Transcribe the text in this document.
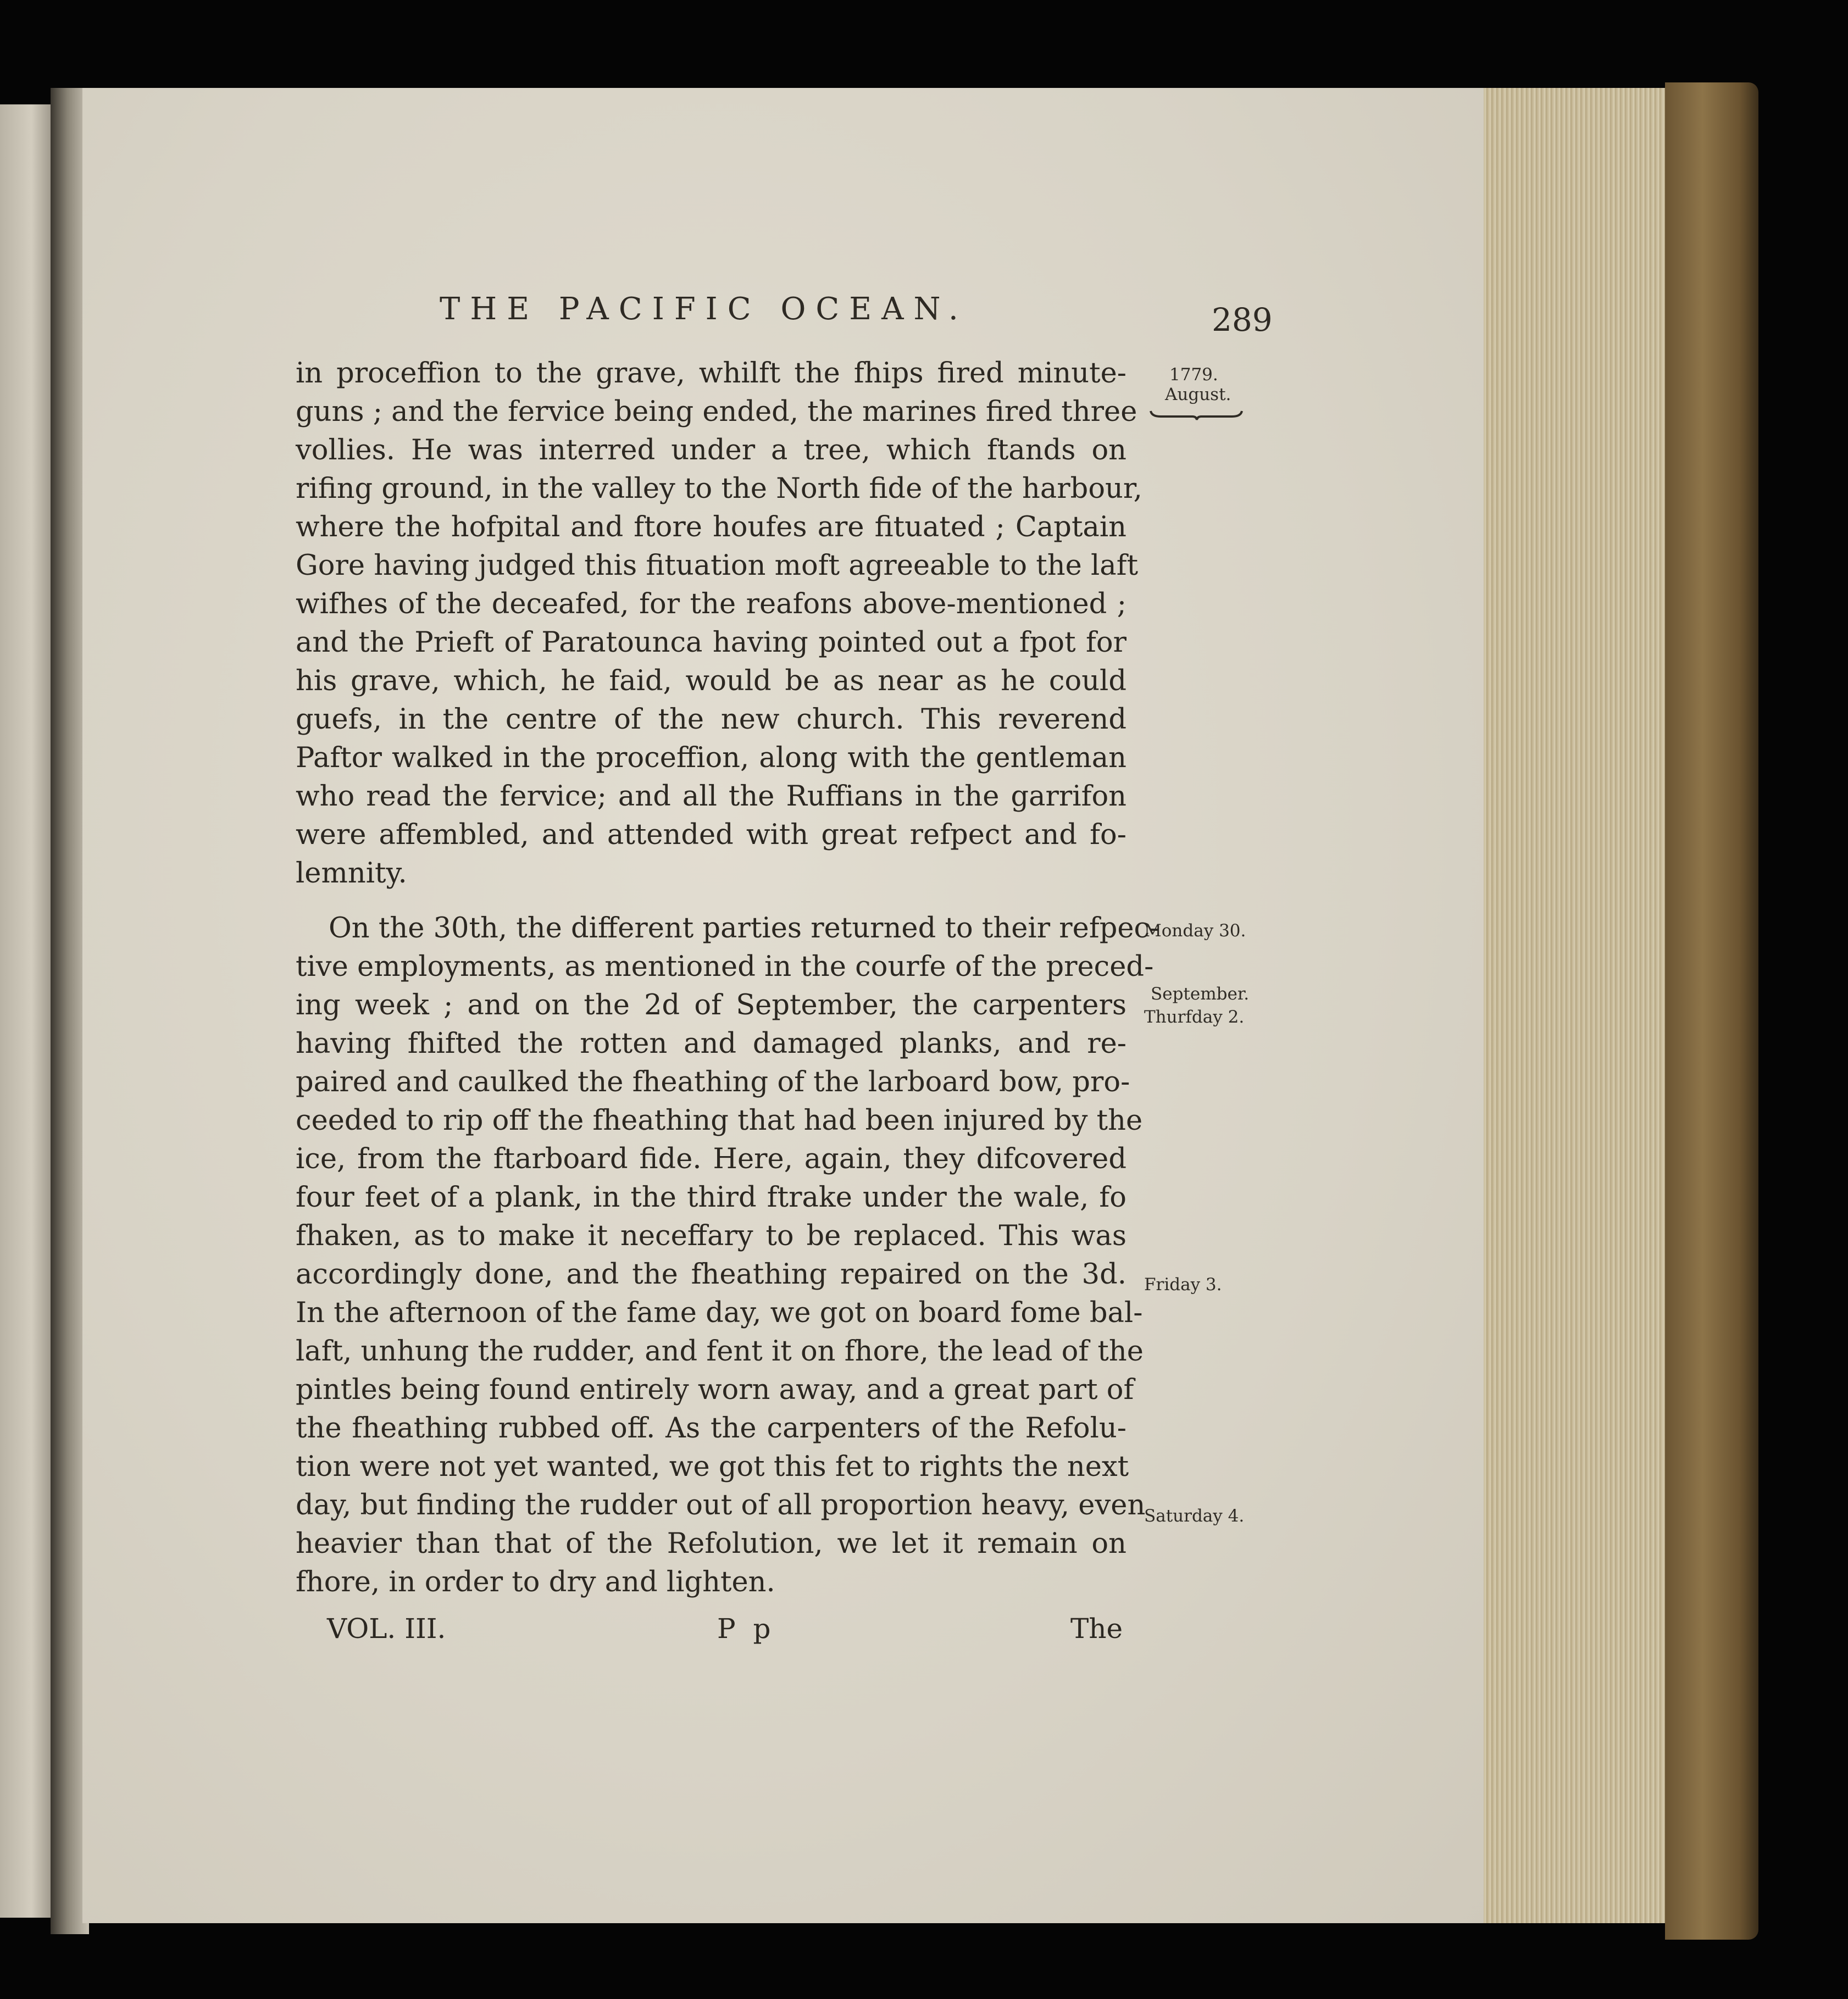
THE PACIFIC OCEAN.	289
1779.
August.
Monday 30.
September.
Thurfday 2.
Friday 3.
Saturday 4.
in proceffion to the grave, whilft the fhips fired minute-
guns ; and the fervice being ended, the marines fired three
vollies. He was interred under a tree, which ftands on
rifing ground, in the valley to the North fide of the harbour,
where the hofpital and ftore houfes are fituated ; Captain
Gore having judged this fituation moft agreeable to the laft
wifhes of the deceafed, for the reafons above-mentioned ;
and the Prieft of Paratounca having pointed out a fpot for
his grave, which, he faid, would be as near as he could
guefs, in the centre of the new church. This reverend
Paftor walked in the proceffion, along with the gentleman
who read the fervice; and all the Ruffians in the garrifon
were affembled, and attended with great refpect and fo-
lemnity.
On the 30th, the different parties returned to their refpec-
tive employments, as mentioned in the courfe of the preced-
ing week ; and on the 2d of September, the carpenters
having fhifted the rotten and damaged planks, and re-
paired and caulked the fheathing of the larboard bow, pro-
ceeded to rip off the fheathing that had been injured by the
ice, from the ftarboard fide. Here, again, they difcovered
four feet of a plank, in the third ftrake under the wale, fo
fhaken, as to make it neceffary to be replaced. This was
accordingly done, and the fheathing repaired on the 3d.
In the afternoon of the fame day, we got on board fome bal-
laft, unhung the rudder, and fent it on fhore, the lead of the
pintles being found entirely worn away, and a great part of
the fheathing rubbed off. As the carpenters of the Refolu-
tion were not yet wanted, we got this fet to rights the next
day, but finding the rudder out of all proportion heavy, even
heavier than that of the Refolution, we let it remain on
fhore, in order to dry and lighten.
VOL. III.	P p	The
